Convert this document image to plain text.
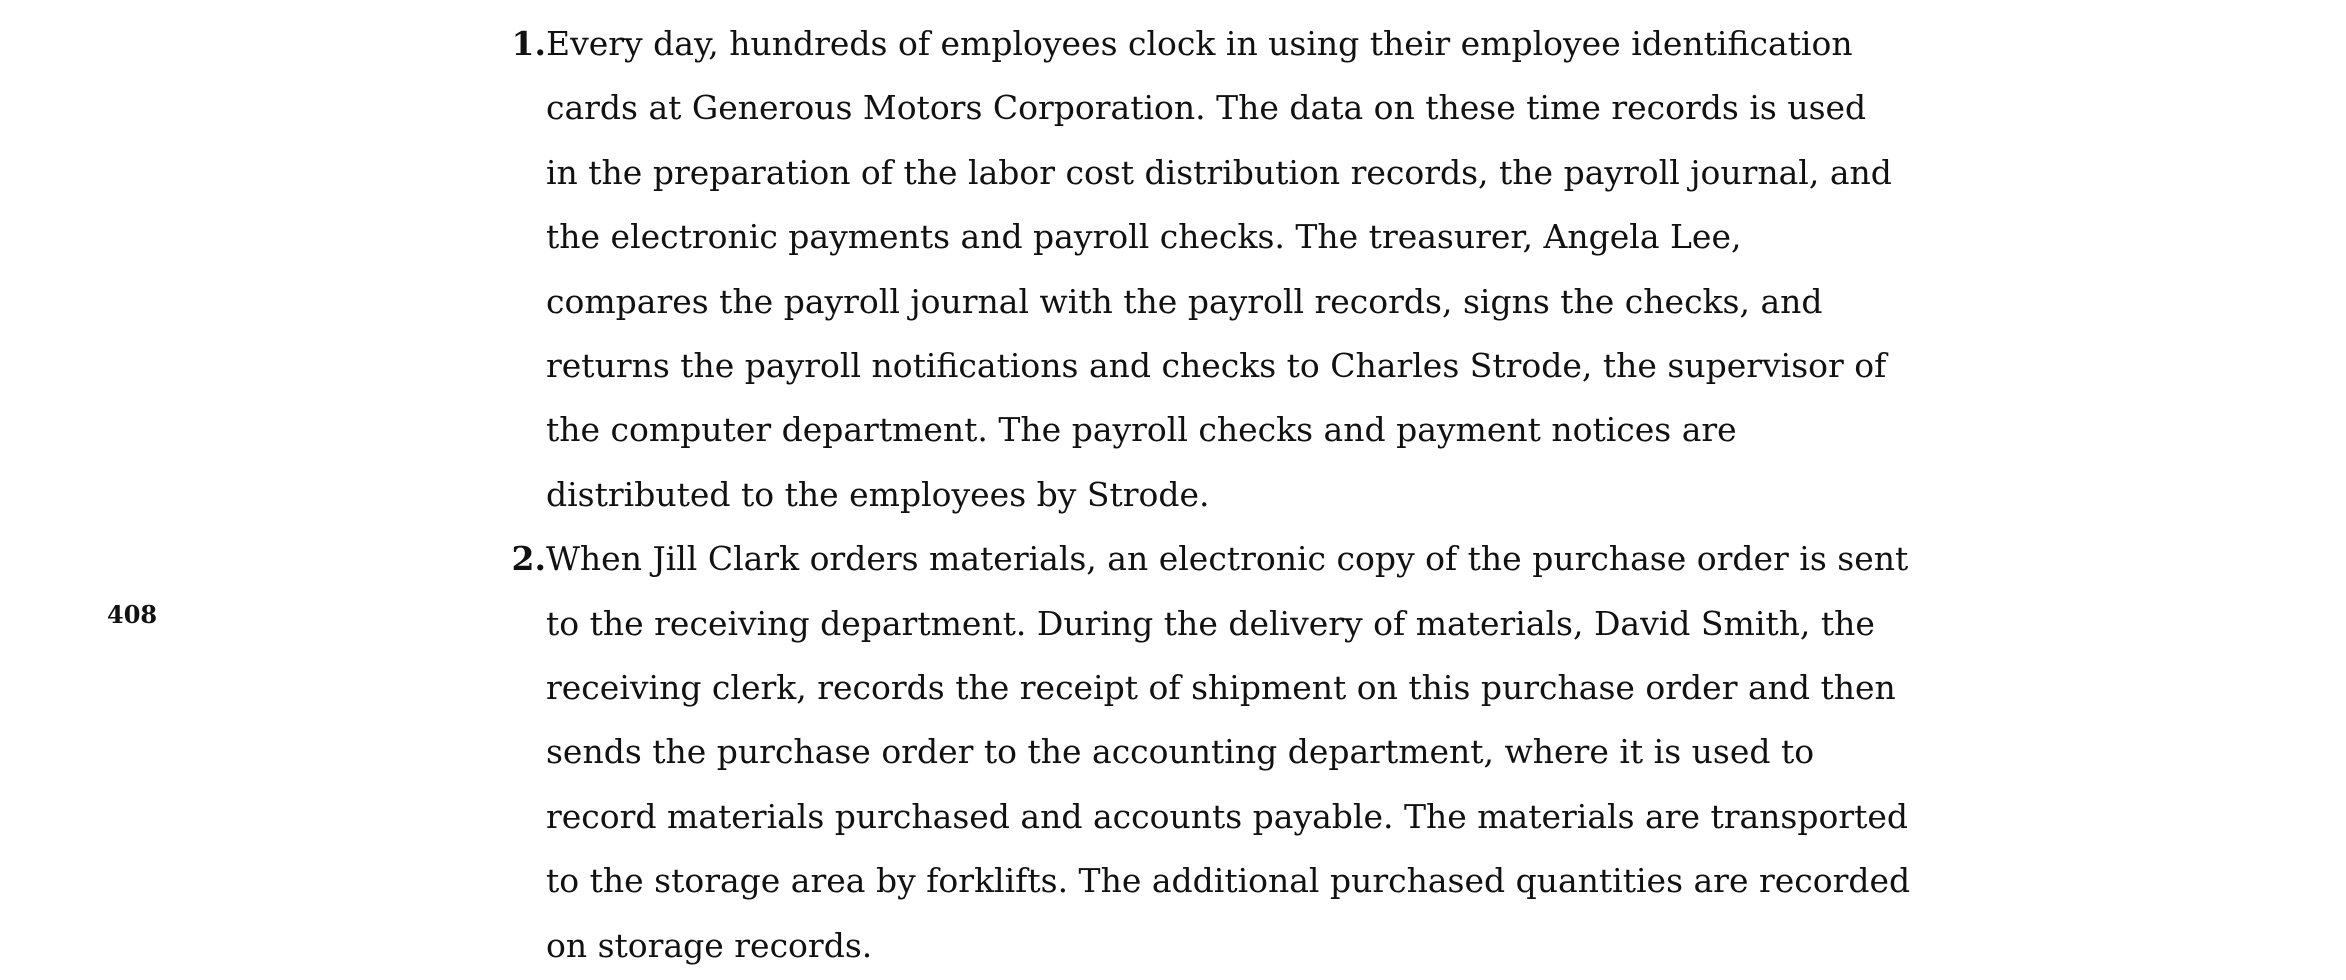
408
1. Every day, hundreds of employees clock in using their employee identification
cards at Generous Motors Corporation. The data on these time records is used
in the preparation of the labor cost distribution records, the payroll journal, and
the electronic payments and payroll checks. The treasurer, Angela Lee,
compares the payroll journal with the payroll records, signs the checks, and
returns the payroll notifications and checks to Charles Strode, the supervisor of
the computer department. The payroll checks and payment notices are
distributed to the employees by Strode.
2. When Jill Clark orders materials, an electronic copy of the purchase order is sent
to the receiving department. During the delivery of materials, David Smith, the
receiving clerk, records the receipt of shipment on this purchase order and then
sends the purchase order to the accounting department, where it is used to
record materials purchased and accounts payable. The materials are transported
to the storage area by forklifts. The additional purchased quantities are recorded
on storage records.
